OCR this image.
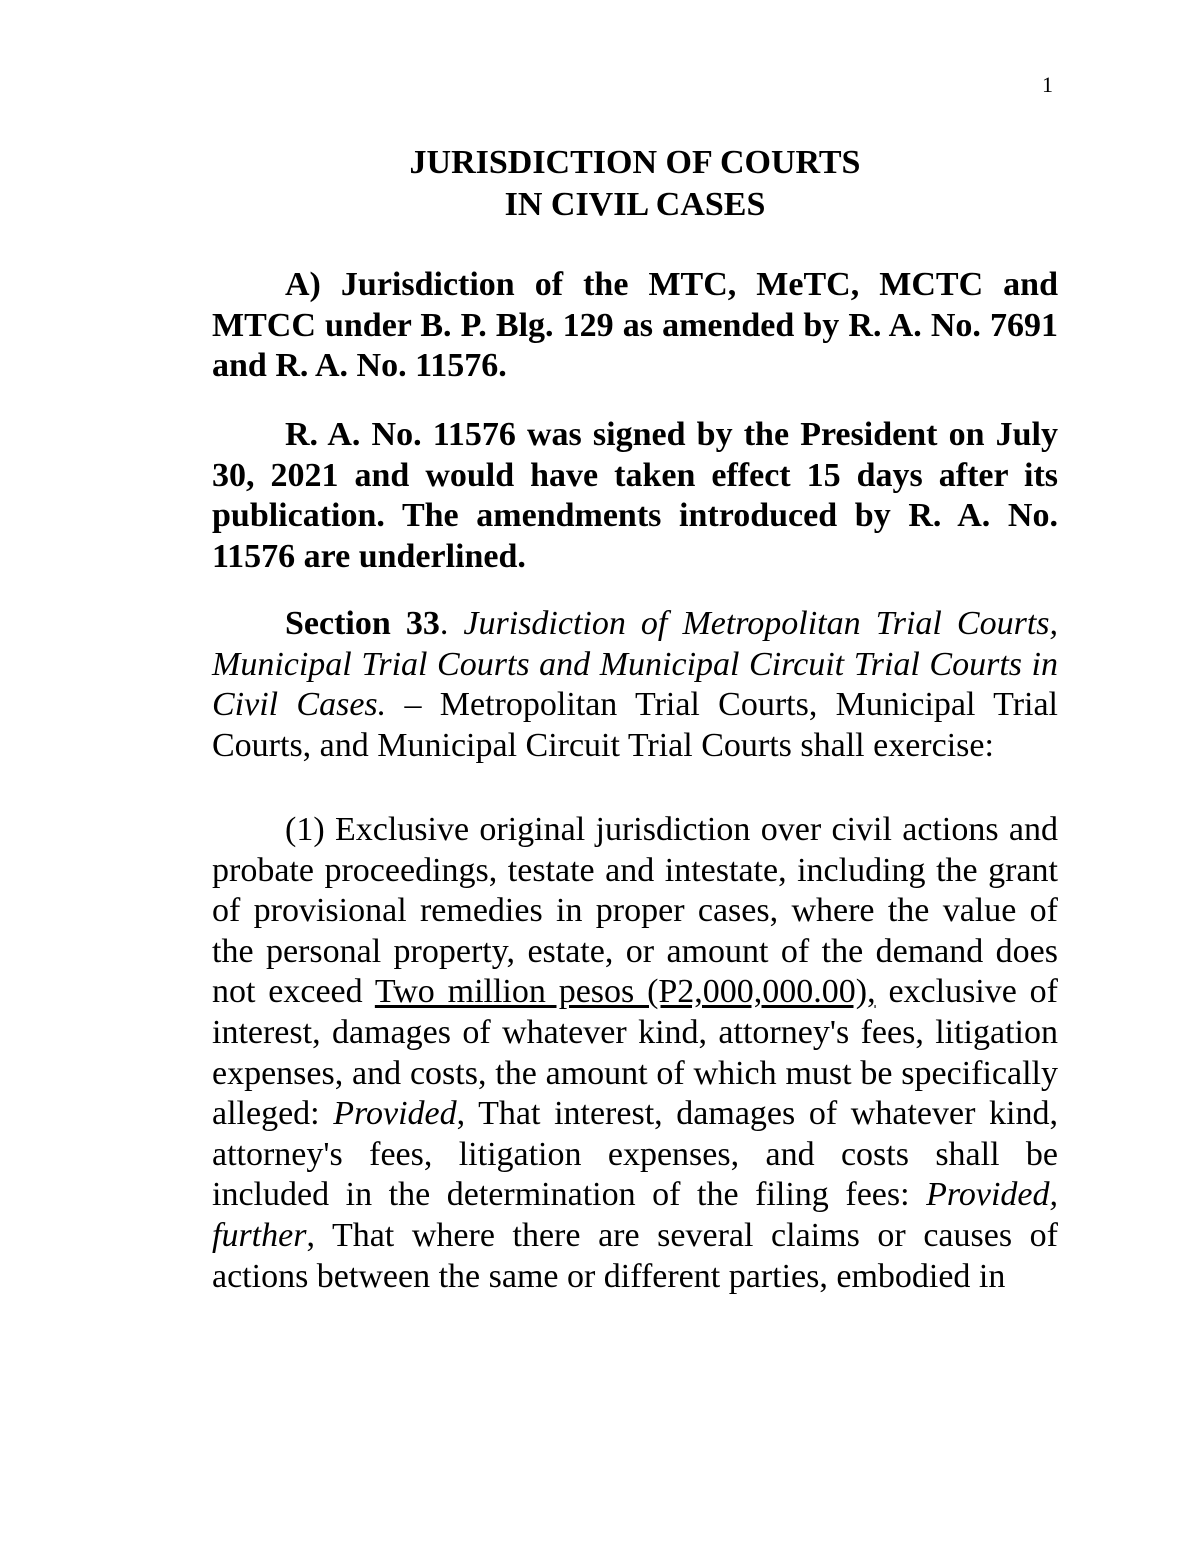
1
JURISDICTION OF COURTS
IN CIVIL CASES
A) Jurisdiction of the MTC, MeTC, MCTC and MTCC under B. P. Blg. 129 as amended by R. A. No. 7691 and R. A. No. 11576.
R. A. No. 11576 was signed by the President on July 30, 2021 and would have taken effect 15 days after its publication. The amendments introduced by R. A. No. 11576 are underlined.
Section 33. Jurisdiction of Metropolitan Trial Courts, Municipal Trial Courts and Municipal Circuit Trial Courts in Civil Cases. – Metropolitan Trial Courts, Municipal Trial Courts, and Municipal Circuit Trial Courts shall exercise:
(1) Exclusive original jurisdiction over civil actions and probate proceedings, testate and intestate, including the grant of provisional remedies in proper cases, where the value of the personal property, estate, or amount of the demand does not exceed Two million pesos (P2,000,000.00), exclusive of interest, damages of whatever kind, attorney's fees, litigation expenses, and costs, the amount of which must be specifically alleged: Provided, That interest, damages of whatever kind, attorney's fees, litigation expenses, and costs shall be included in the determination of the filing fees: Provided, further, That where there are several claims or causes of actions between the same or different parties, embodied in
